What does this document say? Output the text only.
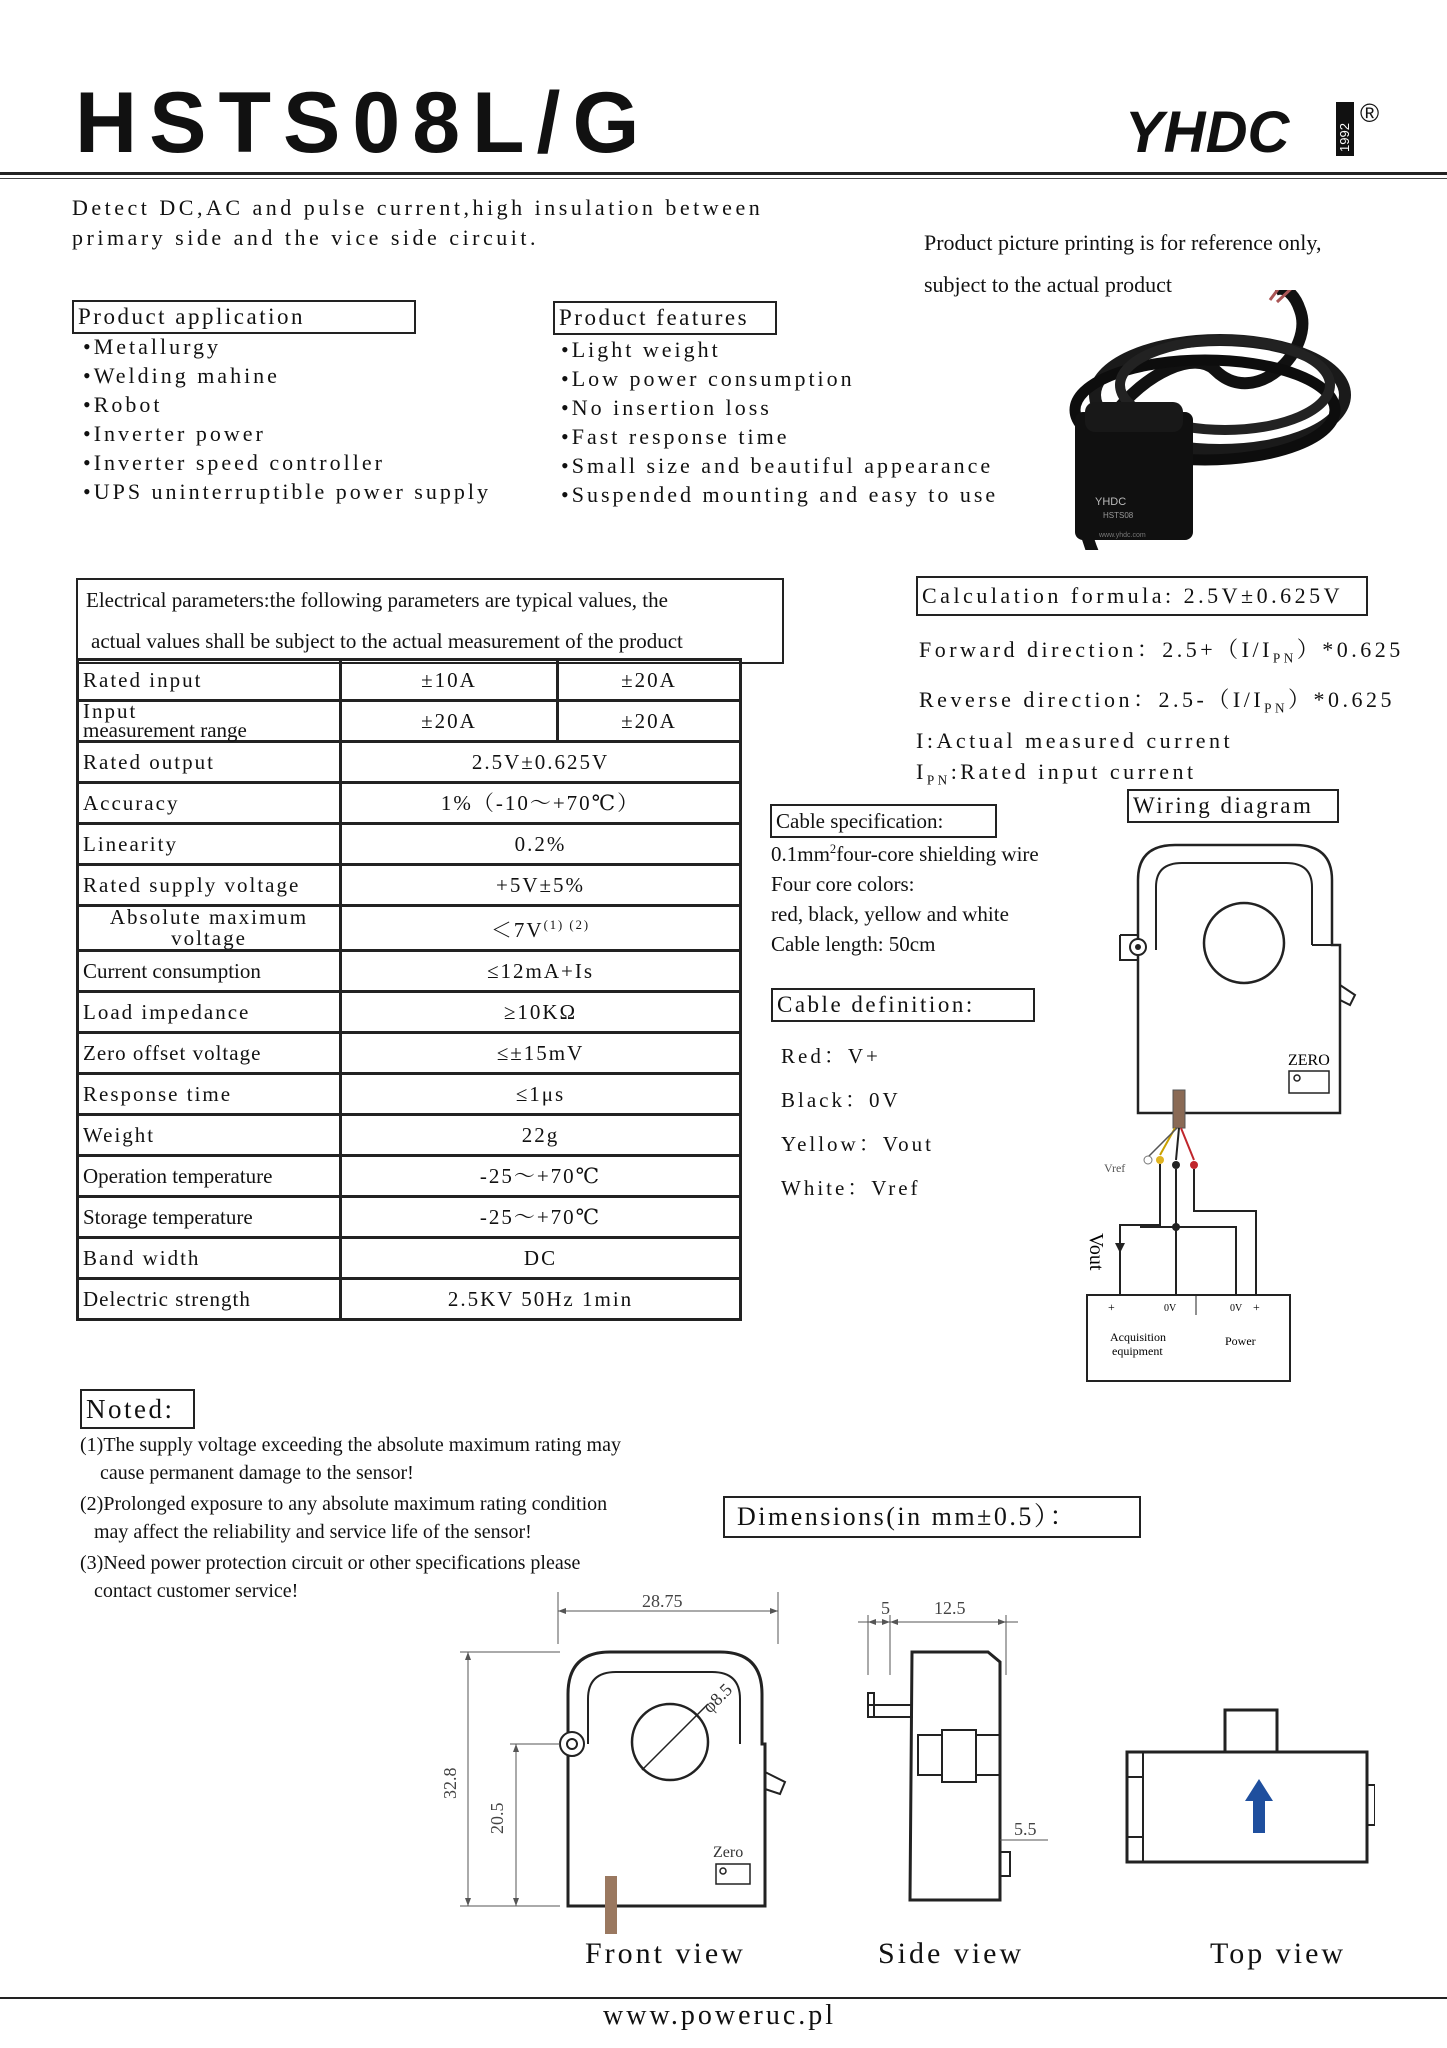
HSTS08L/G	YHDC	1992
®
Detect DC,AC and pulse current,high insulation between
primary side and the vice side circuit.	Product picture printing is for reference only,
subject to the actual product
Product application
•Metallurgy
•Welding mahine
•Robot
•Inverter power
•Inverter speed controller
•UPS uninterruptible power supply
Product features
•Light weight
•Low power consumption
•No insertion loss
•Fast response time
•Small size and beautiful appearance
•Suspended mounting and easy to use	YHDC
HSTS08
www.yhdc.com
Electrical parameters:the following parameters are typical values, the
actual values shall be subject to the actual measurement of the product
Rated input	±10A	±20A

Input
measurement range	±20A	±20A
Rated output	2.5V±0.625V	
Accuracy	1%（-10～+70℃）	
Linearity	0.2%	
Rated supply voltage	+5V±5%	

Absolute maximum
voltage	$<7V^{(1) (2)}$
Current consumption	≤12mA+Is	
Load impedance	≥10KΩ	
Zero offset voltage	≤±15mV	
Response time	≤1μs	
Weight	22g	
Operation temperature	-25～+70℃	
Storage temperature	-25～+70℃	
Band width	DC	
Delectric strength	2.5KV 50Hz 1min	
Calculation formula: 2.5V±0.625V
Forward direction：$2.5+(I/I_{PN})*0.625$
Reverse direction：$2.5-(I/I_{PN})*0.625$
I:Actual measured current
$I_{PN}:Rated$ input current
Cable specification:
$0.1mm^2four$-core shielding wire
Four core colors:
red, black, yellow and white
Cable length: 50cm
Cable definition:
Red：V+
Black：0V
Yellow：Vout
White：Vref
Wiring diagram
ZERO
Vref
Vout
+	0V	0V +
Acquisition
equipment
Power
Noted:
(1)The supply voltage exceeding the absolute maximum rating may
cause permanent damage to the sensor!
(2)Prolonged exposure to any absolute maximum rating condition
may affect the reliability and service life of the sensor!
(3)Need power protection circuit or other specifications please
contact customer service!
Dimensions(in mm±0.5）：
28.75
φ8.5
Zero
32.8
20.5
5 12.5
5.5
Front view	Side view	Top view
www.poweruc.pl
